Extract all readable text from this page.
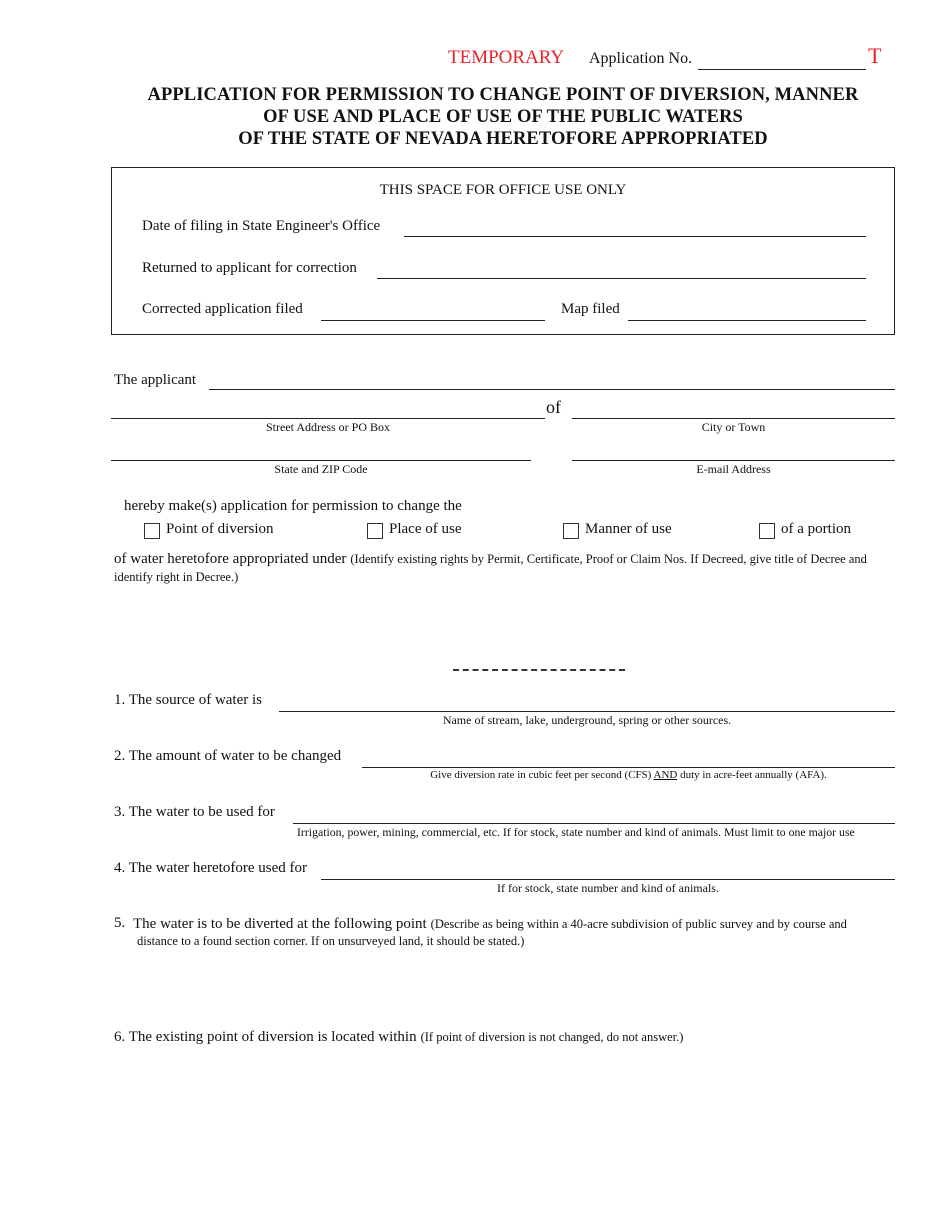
TEMPORARY Application No.	T
APPLICATION FOR PERMISSION TO CHANGE POINT OF DIVERSION, MANNER
OF USE AND PLACE OF USE OF THE PUBLIC WATERS
OF THE STATE OF NEVADA HERETOFORE APPROPRIATED
THIS SPACE FOR OFFICE USE ONLY
Date of filing in State Engineer's Office
Returned to applicant for correction
Corrected application filed	Map filed
The applicant
Street Address or PO Box
of
City or Town
State and ZIP Code	E-mail Address
hereby make(s) application for permission to change the
Point of diversion	Place of use	Manner of use	of a portion
of water heretofore appropriated under (Identify existing rights by Permit, Certificate, Proof or Claim Nos. If Decreed, give title of Decree and identify right in Decree.)
1. The source of water is
Name of stream, lake, underground, spring or other sources.
2. The amount of water to be changed
Give diversion rate in cubic feet per second (CFS) AND duty in acre-feet annually (AFA).
3. The water to be used for
Irrigation, power, mining, commercial, etc. If for stock, state number and kind of animals. Must limit to one major use
4. The water heretofore used for
If for stock, state number and kind of animals.
5. The water is to be diverted at the following point (Describe as being within a 40-acre subdivision of public survey and by course and
distance to a found section corner. If on unsurveyed land, it should be stated.)
6. The existing point of diversion is located within (If point of diversion is not changed, do not answer.)
